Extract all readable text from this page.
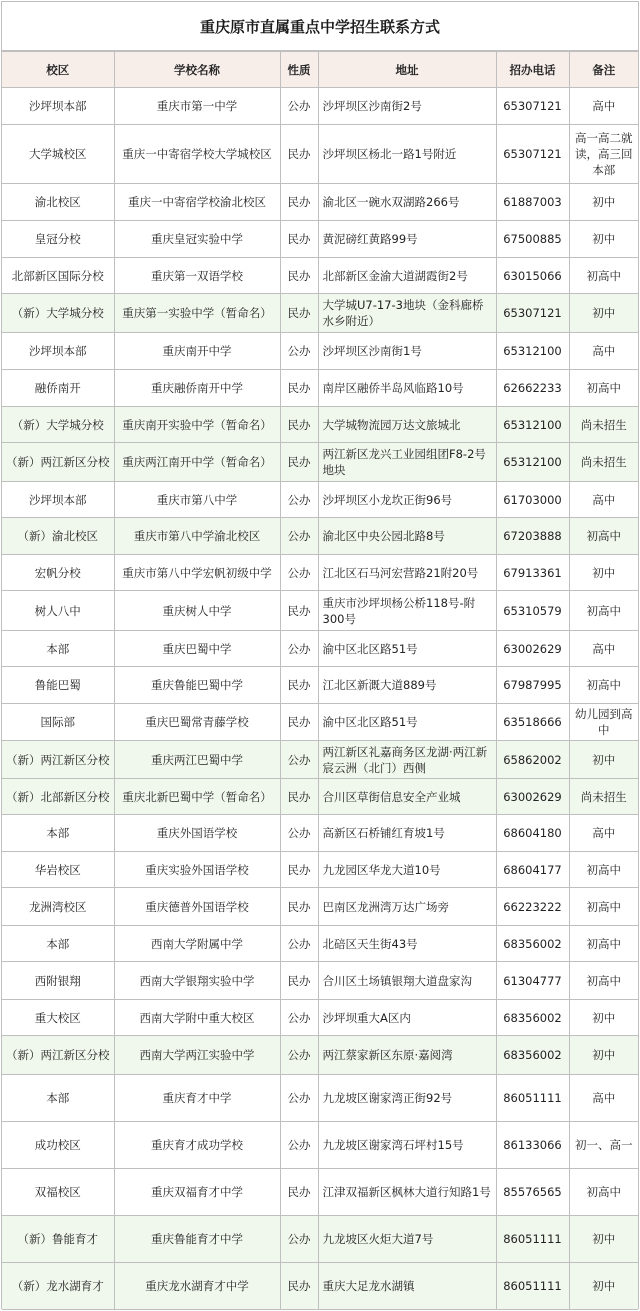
重庆原市直属重点中学招生联系方式
校区	学校名称	性质	地址	招办电话	备注
沙坪坝本部	重庆市第一中学	公办	沙坪坝区沙南街2号	65307121	高中
大学城校区	重庆一中寄宿学校大学城校区	民办	沙坪坝区杨北一路1号附近	65307121	高一高二就读，高三回本部
渝北校区	重庆一中寄宿学校渝北校区	民办	渝北区一碗水双湖路266号	61887003	初中
皇冠分校	重庆皇冠实验中学	民办	黄泥磅红黄路99号	67500885	初中
北部新区国际分校	重庆第一双语学校	民办	北部新区金渝大道湖霞街2号	63015066	初高中
（新）大学城分校	重庆第一实验中学（暂命名）	民办	大学城U7-17-3地块（金科廊桥水乡附近）	65307121	初中
沙坪坝本部	重庆南开中学	公办	沙坪坝区沙南街1号	65312100	高中
融侨南开	重庆融侨南开中学	民办	南岸区融侨半岛风临路10号	62662233	初高中
（新）大学城分校	重庆南开实验中学（暂命名）	民办	大学城物流园万达文旅城北	65312100	尚未招生
（新）两江新区分校	重庆两江南开中学（暂命名）	民办	两江新区龙兴工业园组团F8-2号地块	65312100	尚未招生
沙坪坝本部	重庆市第八中学	公办	沙坪坝区小龙坎正街96号	61703000	高中
（新）渝北校区	重庆市第八中学渝北校区	公办	渝北区中央公园北路8号	67203888	初高中
宏帆分校	重庆市第八中学宏帆初级中学	公办	江北区石马河宏营路21附20号	67913361	初中
树人八中	重庆树人中学	民办	重庆市沙坪坝杨公桥118号-附300号	65310579	初高中
本部	重庆巴蜀中学	公办	渝中区北区路51号	63002629	高中
鲁能巴蜀	重庆鲁能巴蜀中学	民办	江北区新溉大道889号	67987995	初高中
国际部	重庆巴蜀常青藤学校	民办	渝中区北区路51号	63518666	幼儿园到高中
（新）两江新区分校	重庆两江巴蜀中学	公办	两江新区礼嘉商务区龙湖·两江新宸云洲（北门）西侧	65862002	初中
（新）北部新区分校	重庆北新巴蜀中学（暂命名）	民办	合川区草街信息安全产业城	63002629	尚未招生
本部	重庆外国语学校	公办	高新区石桥铺红育坡1号	68604180	高中
华岩校区	重庆实验外国语学校	民办	九龙园区华龙大道10号	68604177	初高中
龙洲湾校区	重庆德普外国语学校	民办	巴南区龙洲湾万达广场旁	66223222	初高中
本部	西南大学附属中学	公办	北碚区天生街43号	68356002	初高中
西附银翔	西南大学银翔实验中学	民办	合川区土场镇银翔大道盘家沟	61304777	初高中
重大校区	西南大学附中重大校区	公办	沙坪坝重大A区内	68356002	初中
（新）两江新区分校	西南大学两江实验中学	公办	两江蔡家新区东原·嘉阅湾	68356002	初中
本部	重庆育才中学	公办	九龙坡区谢家湾正街92号	86051111	高中
成功校区	重庆育才成功学校	公办	九龙坡区谢家湾石坪村15号	86133066	初一、高一
双福校区	重庆双福育才中学	民办	江津双福新区枫林大道行知路1号	85576565	初高中
（新）鲁能育才	重庆鲁能育才中学	公办	九龙坡区火炬大道7号	86051111	初中
（新）龙水湖育才	重庆龙水湖育才中学	民办	重庆大足龙水湖镇	86051111	初中
